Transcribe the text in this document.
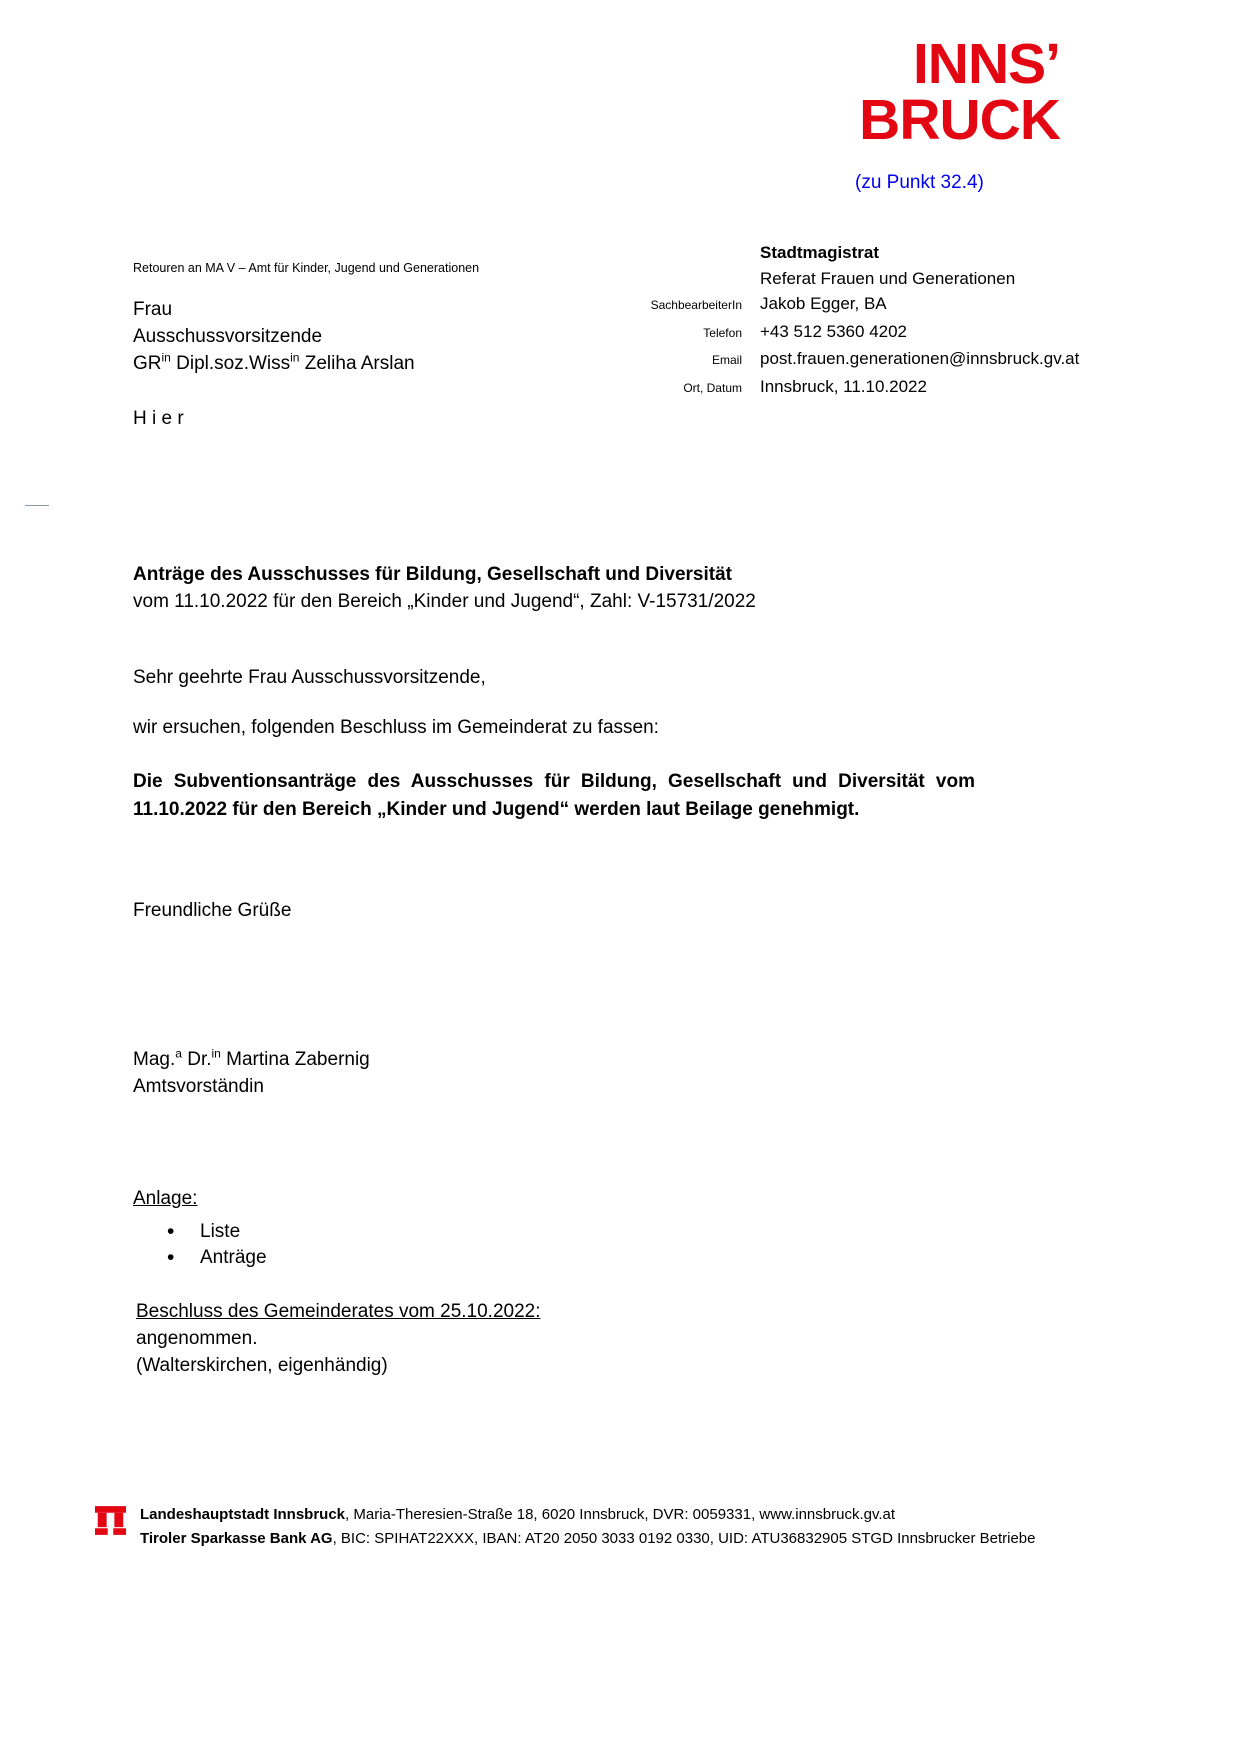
INNS’
BRUCK
(zu Punkt 32.4)
Retouren an MA V – Amt für Kinder, Jugend und Generationen
Frau
Ausschussvorsitzende
$GR^{in}$ Dipl.soz.Wiss$^{in}$ Zeliha Arslan
H i e r
Stadtmagistrat
Referat Frauen und Generationen
SachbearbeiterIn Jakob Egger, BA
Telefon +43 512 5360 4202
Email post.frauen.generationen@innsbruck.gv.at
Ort, Datum Innsbruck, 11.10.2022
Anträge des Ausschusses für Bildung, Gesellschaft und Diversität
vom 11.10.2022 für den Bereich „Kinder und Jugend“, Zahl: V-15731/2022
Sehr geehrte Frau Ausschussvorsitzende,
wir ersuchen, folgenden Beschluss im Gemeinderat zu fassen:
Die Subventionsanträge des Ausschusses für Bildung, Gesellschaft und Diversität vom 11.10.2022 für den Bereich „Kinder und Jugend“ werden laut Beilage genehmigt.
Freundliche Grüße
Mag.$^a$ Dr.$^{in}$ Martina Zabernig
Amtsvorständin
Anlage:
• Liste
• Anträge
Beschluss des Gemeinderates vom 25.10.2022:
angenommen.
(Walterskirchen, eigenhändig)
Landeshauptstadt Innsbruck, Maria-Theresien-Straße 18, 6020 Innsbruck, DVR: 0059331, www.innsbruck.gv.at
Tiroler Sparkasse Bank AG, BIC: SPIHAT22XXX, IBAN: AT20 2050 3033 0192 0330, UID: ATU36832905 STGD Innsbrucker Betriebe
